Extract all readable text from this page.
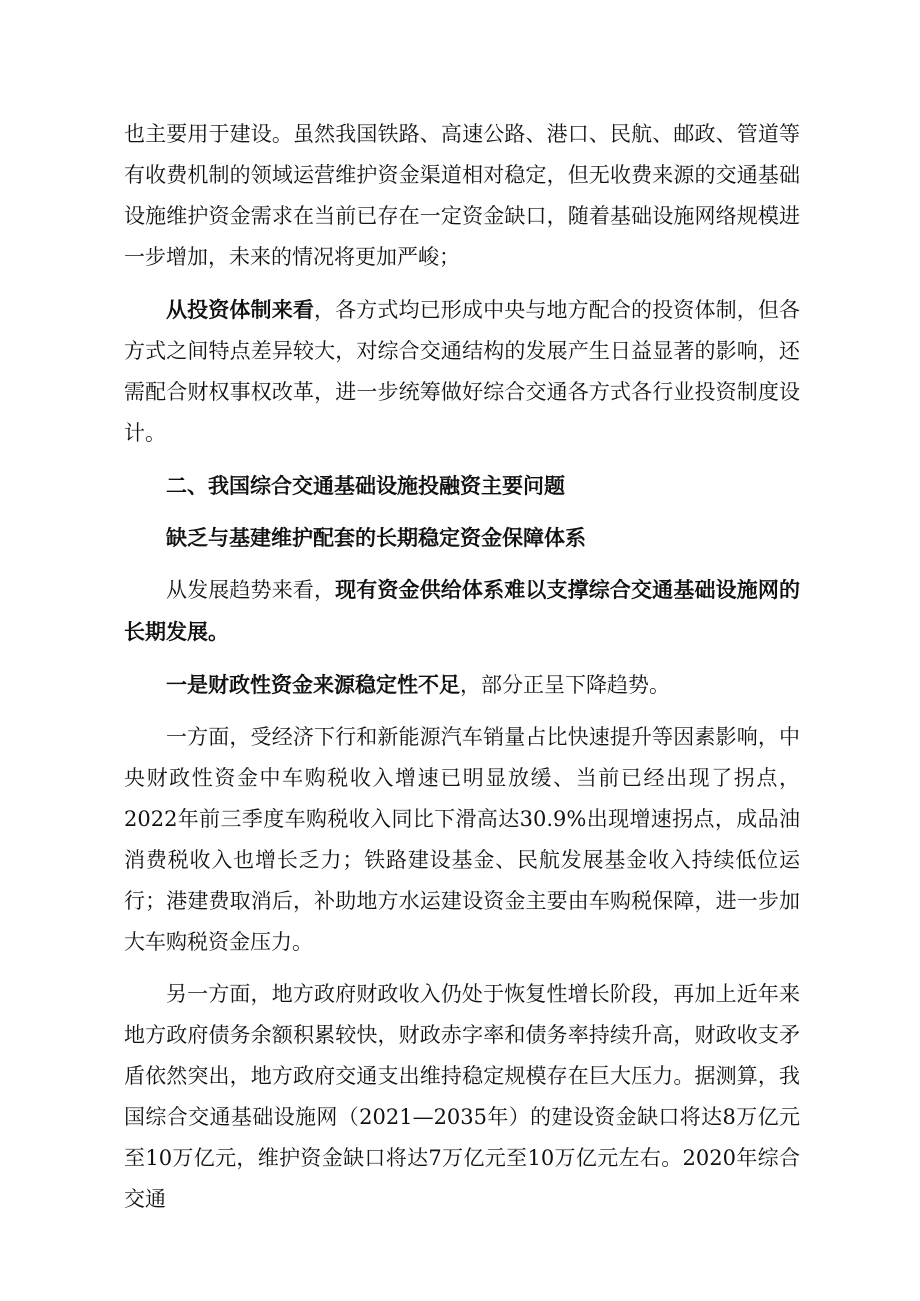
也主要用于建设。虽然我国铁路、高速公路、港口、民航、邮政、管道等有收费机制的领域运营维护资金渠道相对稳定，但无收费来源的交通基础设施维护资金需求在当前已存在一定资金缺口，随着基础设施网络规模进一步增加，未来的情况将更加严峻；

从投资体制来看，各方式均已形成中央与地方配合的投资体制，但各方式之间特点差异较大，对综合交通结构的发展产生日益显著的影响，还需配合财权事权改革，进一步统筹做好综合交通各方式各行业投资制度设计。

二、我国综合交通基础设施投融资主要问题

缺乏与基建维护配套的长期稳定资金保障体系

从发展趋势来看，现有资金供给体系难以支撑综合交通基础设施网的长期发展。

一是财政性资金来源稳定性不足，部分正呈下降趋势。

一方面，受经济下行和新能源汽车销量占比快速提升等因素影响，中央财政性资金中车购税收入增速已明显放缓、当前已经出现了拐点，2022年前三季度车购税收入同比下滑高达30.9%出现增速拐点，成品油消费税收入也增长乏力；铁路建设基金、民航发展基金收入持续低位运行；港建费取消后，补助地方水运建设资金主要由车购税保障，进一步加大车购税资金压力。

另一方面，地方政府财政收入仍处于恢复性增长阶段，再加上近年来地方政府债务余额积累较快，财政赤字率和债务率持续升高，财政收支矛盾依然突出，地方政府交通支出维持稳定规模存在巨大压力。据测算，我国综合交通基础设施网（2021—2035年）的建设资金缺口将达8万亿元至10万亿元，维护资金缺口将达7万亿元至10万亿元左右。2020年综合交通
